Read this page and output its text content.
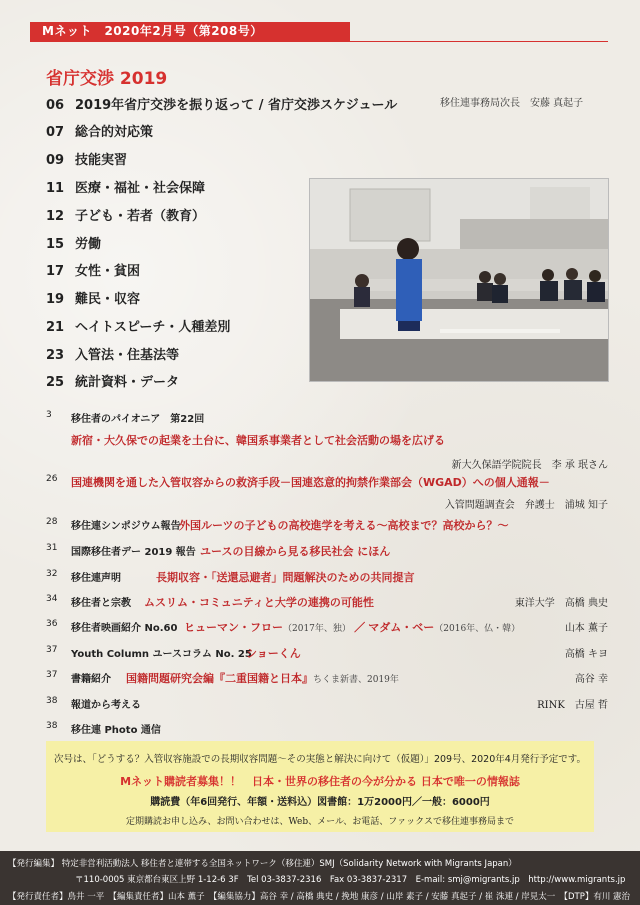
Mネット　2020年2月号（第208号）
省庁交渉 2019
06 2019年省庁交渉を振り返って / 省庁交渉スケジュール	移住連事務局次長　安藤 真起子
07 総合的対応策
09 技能実習
11 医療・福祉・社会保障
12 子ども・若者（教育）
15 労働
17 女性・貧困
19 難民・収容
21 ヘイトスピーチ・人種差別
23 入管法・住基法等
25 統計資料・データ
3	移住者のパイオニア　第22回
新宿・大久保での起業を土台に、韓国系事業者として社会活動の場を広げる
新大久保語学院院長　李 承 珉さん
26	国連機関を通した入管収容からの救済手段－国連恣意的拘禁作業部会（WGAD）への個人通報－
入管問題調査会　弁護士　浦城 知子
28	移住連シンポジウム報告
外国ルーツの子どもの高校進学を考える～高校まで？高校から？～
31	国際移住者デー 2019 報告 ユースの目線から見る移民社会 にほん
32	移住連声明	長期収容・「送還忌避者」問題解決のための共同提言
34	移住者と宗教 ムスリム・コミュニティと大学の連携の可能性	東洋大学　高橋 典史
36	移住者映画紹介 No.60 ヒューマン・フロー（2017年、独） ／ マダム・ベー（2016年、仏・韓）	山本 薫子
37	Youth Column ユースコラム No. 25
ショーくん	高橋 キヨ
37	書籍紹介 国籍問題研究会編『二重国籍と日本』ちくま新書、2019年	高谷 幸
38	報道から考える	RINK　古屋 哲
38	移住連 Photo 通信
次号は、「どうする？入管収容施設での長期収容問題～その実態と解決に向けて（仮題）」209号、2020年4月発行予定です。
Mネット購読者募集！！　日本・世界の移住者の今が分かる 日本で唯一の情報誌
購読費（年6回発行、年額・送料込）図書館：1万2000円／一般：6000円
定期購読お申し込み、お問い合わせは、Web、メール、お電話、ファックスで移住連事務局まで
【発行編集】 特定非営利活動法人 移住者と連帯する全国ネットワーク（移住連）SMJ（Solidarity Network with Migrants Japan）
〒110-0005 東京都台東区上野 1-12-6 3F　Tel 03-3837-2316　Fax 03-3837-2317　E-mail: smj@migrants.jp　http://www.migrants.jp
【発行責任者】鳥井 一平　【編集責任者】山本 薫子　【編集協力】高谷 幸 / 高橋 典史 / 挽地 康彦 / 山岸 素子 / 安藤 真起子 / 崔 洙連 / 岸見太一　【DTP】有川 憲治
